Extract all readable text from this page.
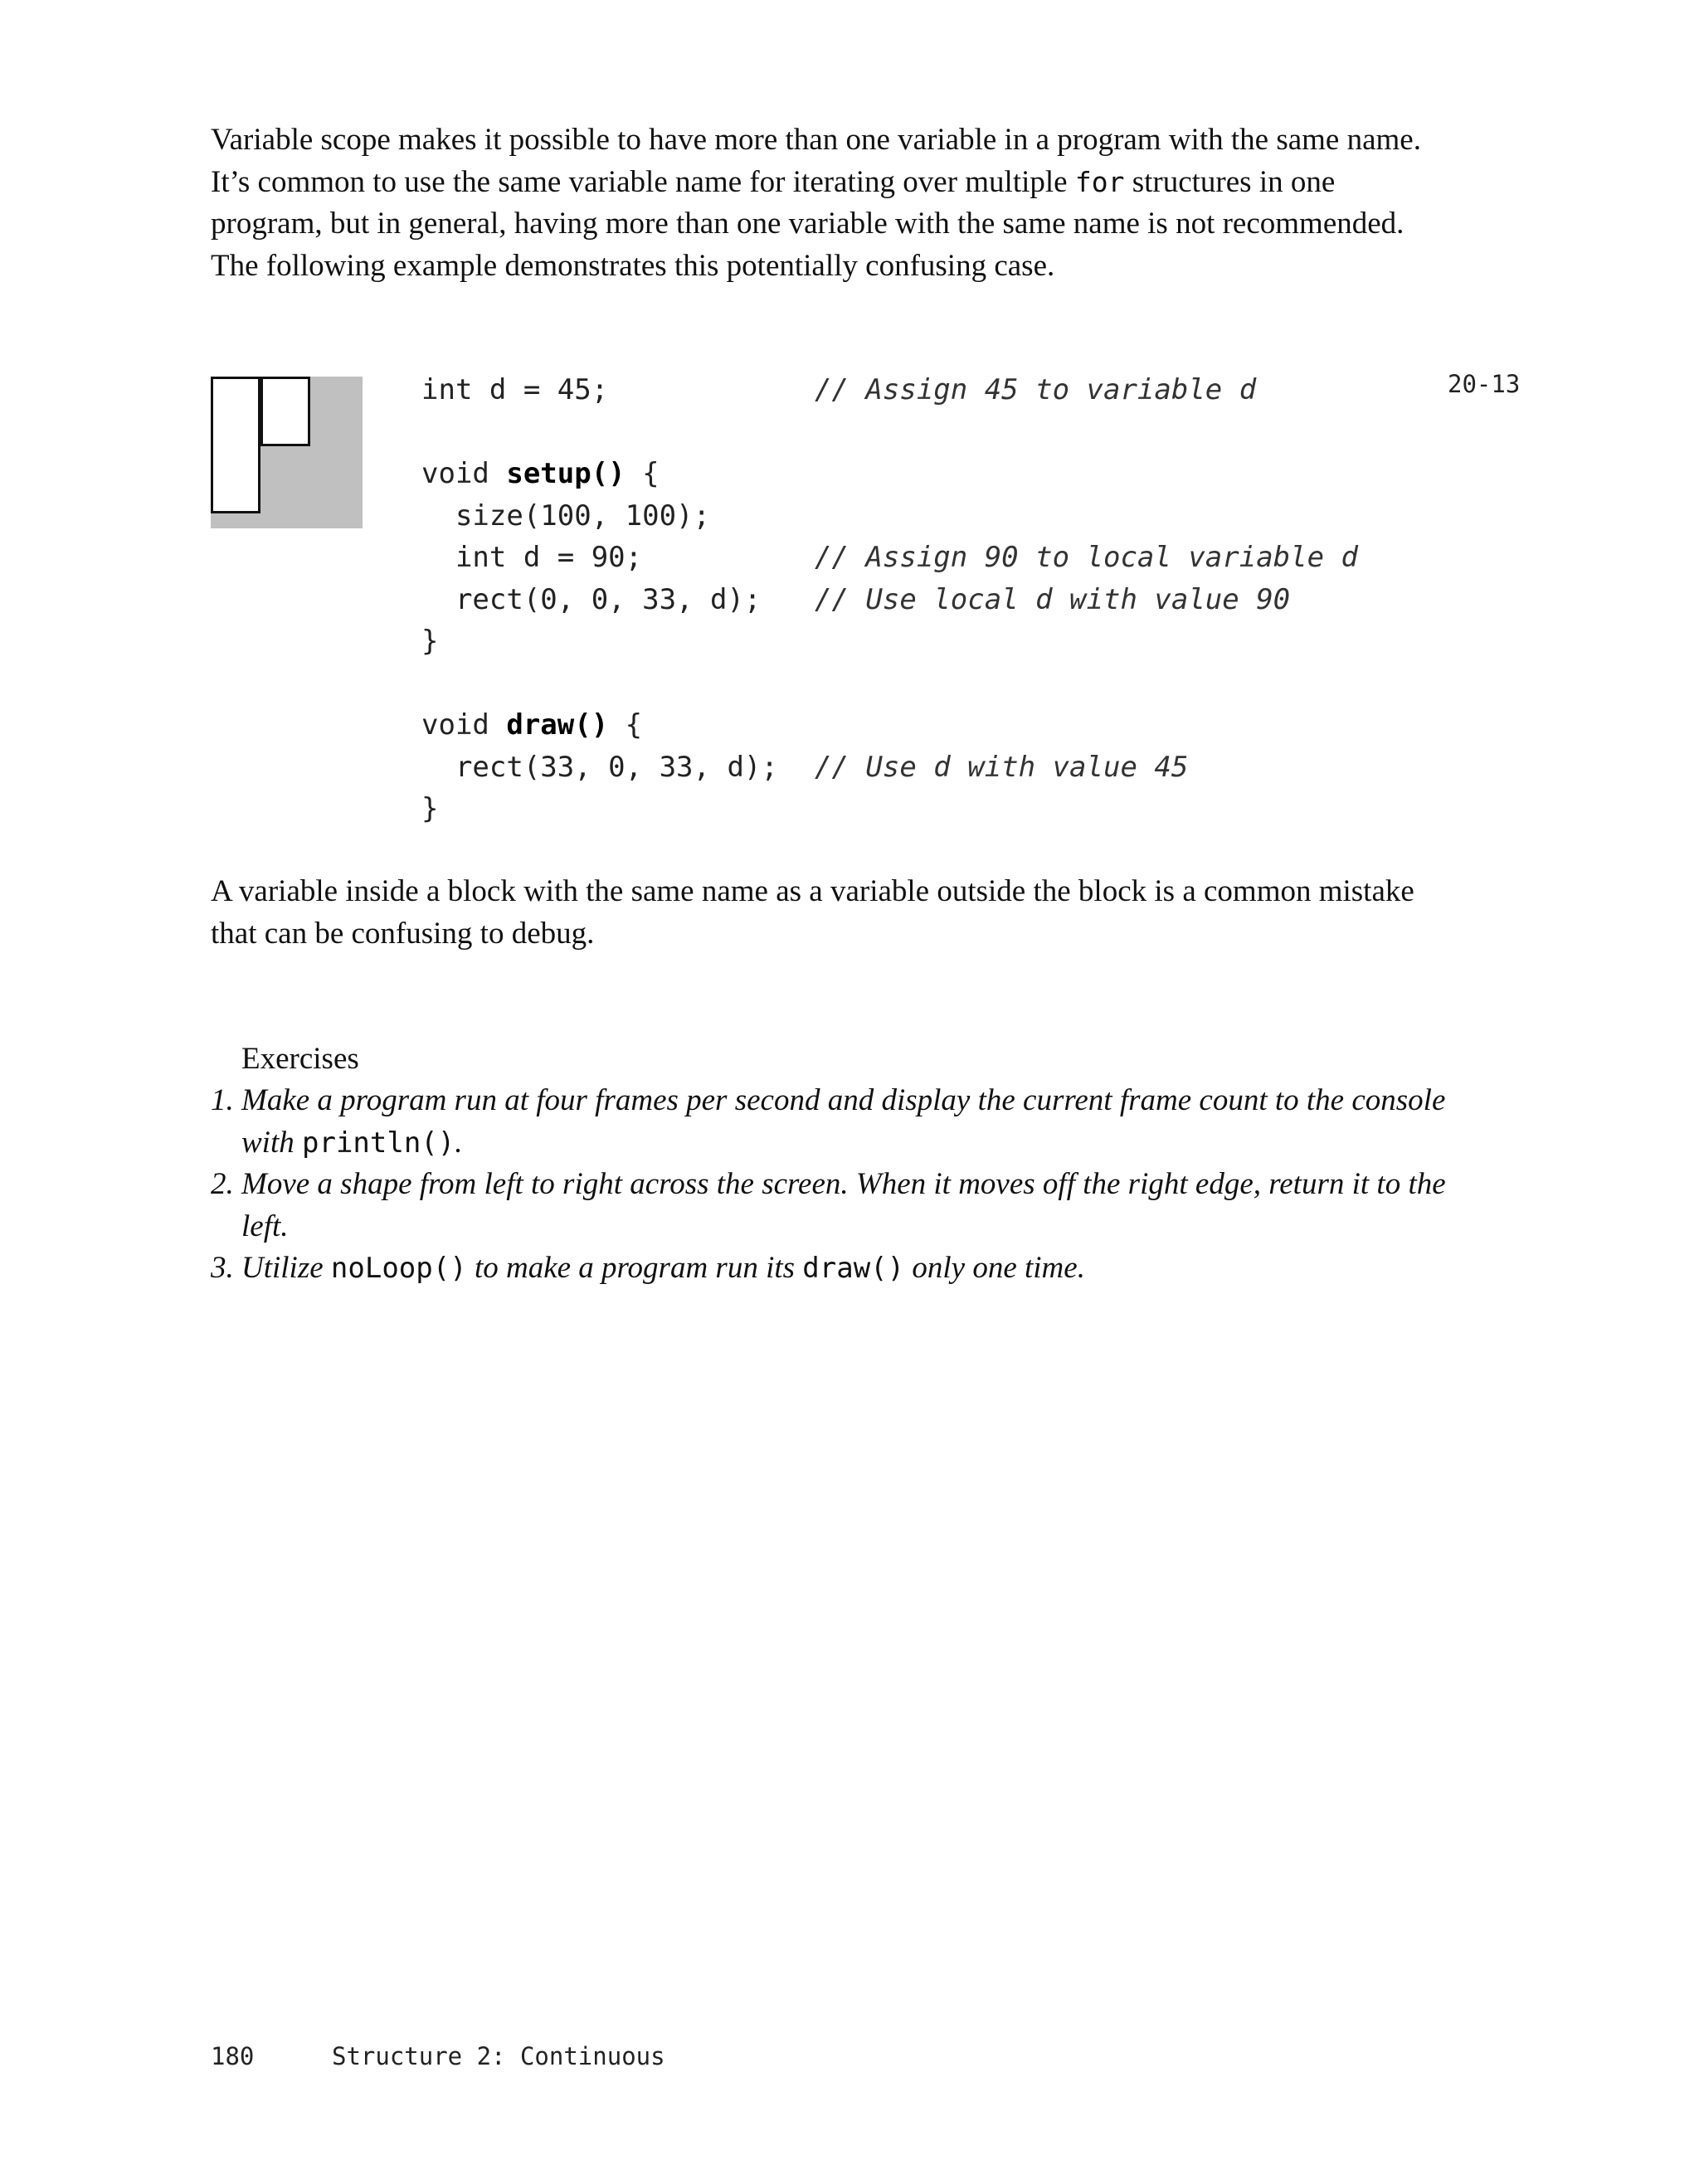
Variable scope makes it possible to have more than one variable in a program with the same name. It’s common to use the same variable name for iterating over multiple for structures in one program, but in general, having more than one variable with the same name is not recommended. The following example demonstrates this potentially confusing case.

int d = 45;	// Assign 45 to variable d
void setup() {
size(100, 100);
int d = 90;	// Assign 90 to local variable d
rect(0, 0, 33, d); // Use local d with value 90
}
void draw() {
rect(33, 0, 33, d); // Use d with value 45
}
20-13

A variable inside a block with the same name as a variable outside the block is a common mistake that can be confusing to debug.

Exercises
1. Make a program run at four frames per second and display the current frame count to the console with println().
2. Move a shape from left to right across the screen. When it moves off the right edge, return it to the left.
3. Utilize noLoop() to make a program run its draw() only one time.
180	Structure 2: Continuous
